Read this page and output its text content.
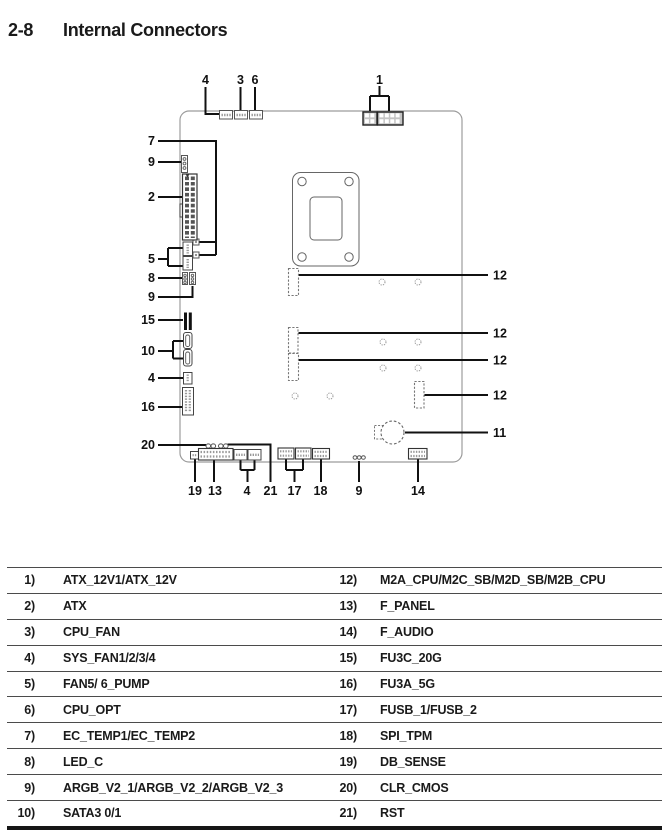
2-8 Internal Connectors
4 3 6	1
7
9
2
5
8
9
15
10
4
16
20
21
19 13 4	17 18 9	14
12
12
12
12
11
1) ATX_12V1/ATX_12V	12) M2A_CPU/M2C_SB/M2D_SB/M2B_CPU
2) ATX	13) F_PANEL
3) CPU_FAN	14) F_AUDIO
4) SYS_FAN1/2/3/4	15) FU3C_20G
5) FAN5/ 6_PUMP	16) FU3A_5G
6) CPU_OPT	17) FUSB_1/FUSB_2
7) EC_TEMP1/EC_TEMP2	18) SPI_TPM
8) LED_C	19) DB_SENSE
9) ARGB_V2_1/ARGB_V2_2/ARGB_V2_3	20) CLR_CMOS
10) SATA3 0/1	21) RST
